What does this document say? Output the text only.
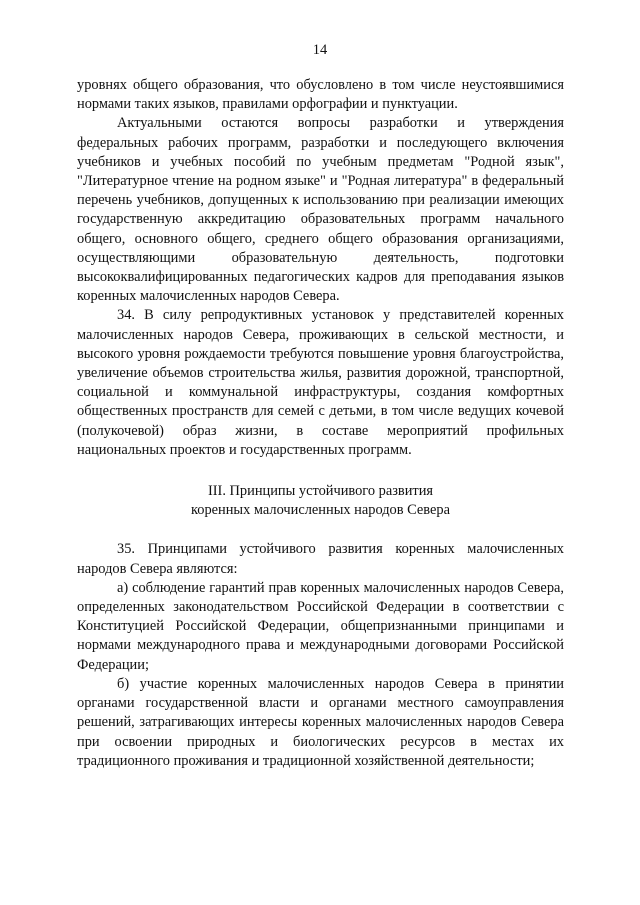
14

уровнях общего образования, что обусловлено в том числе неустоявшимися нормами таких языков, правилами орфографии и пунктуации.

Актуальными остаются вопросы разработки и утверждения федеральных рабочих программ, разработки и последующего включения учебников и учебных пособий по учебным предметам "Родной язык", "Литературное чтение на родном языке" и "Родная литература" в федеральный перечень учебников, допущенных к использованию при реализации имеющих государственную аккредитацию образовательных программ начального общего, основного общего, среднего общего образования организациями, осуществляющими образовательную деятельность, подготовки высококвалифицированных педагогических кадров для преподавания языков коренных малочисленных народов Севера.

34. В силу репродуктивных установок у представителей коренных малочисленных народов Севера, проживающих в сельской местности, и высокого уровня рождаемости требуются повышение уровня благоустройства, увеличение объемов строительства жилья, развития дорожной, транспортной, социальной и коммунальной инфраструктуры, создания комфортных общественных пространств для семей с детьми, в том числе ведущих кочевой (полукочевой) образ жизни, в составе мероприятий профильных национальных проектов и государственных программ.

III. Принципы устойчивого развития
коренных малочисленных народов Севера

35. Принципами устойчивого развития коренных малочисленных народов Севера являются:

а) соблюдение гарантий прав коренных малочисленных народов Севера, определенных законодательством Российской Федерации в соответствии с Конституцией Российской Федерации, общепризнанными принципами и нормами международного права и международными договорами Российской Федерации;

б) участие коренных малочисленных народов Севера в принятии органами государственной власти и органами местного самоуправления решений, затрагивающих интересы коренных малочисленных народов Севера при освоении природных и биологических ресурсов в местах их традиционного проживания и традиционной хозяйственной деятельности;
